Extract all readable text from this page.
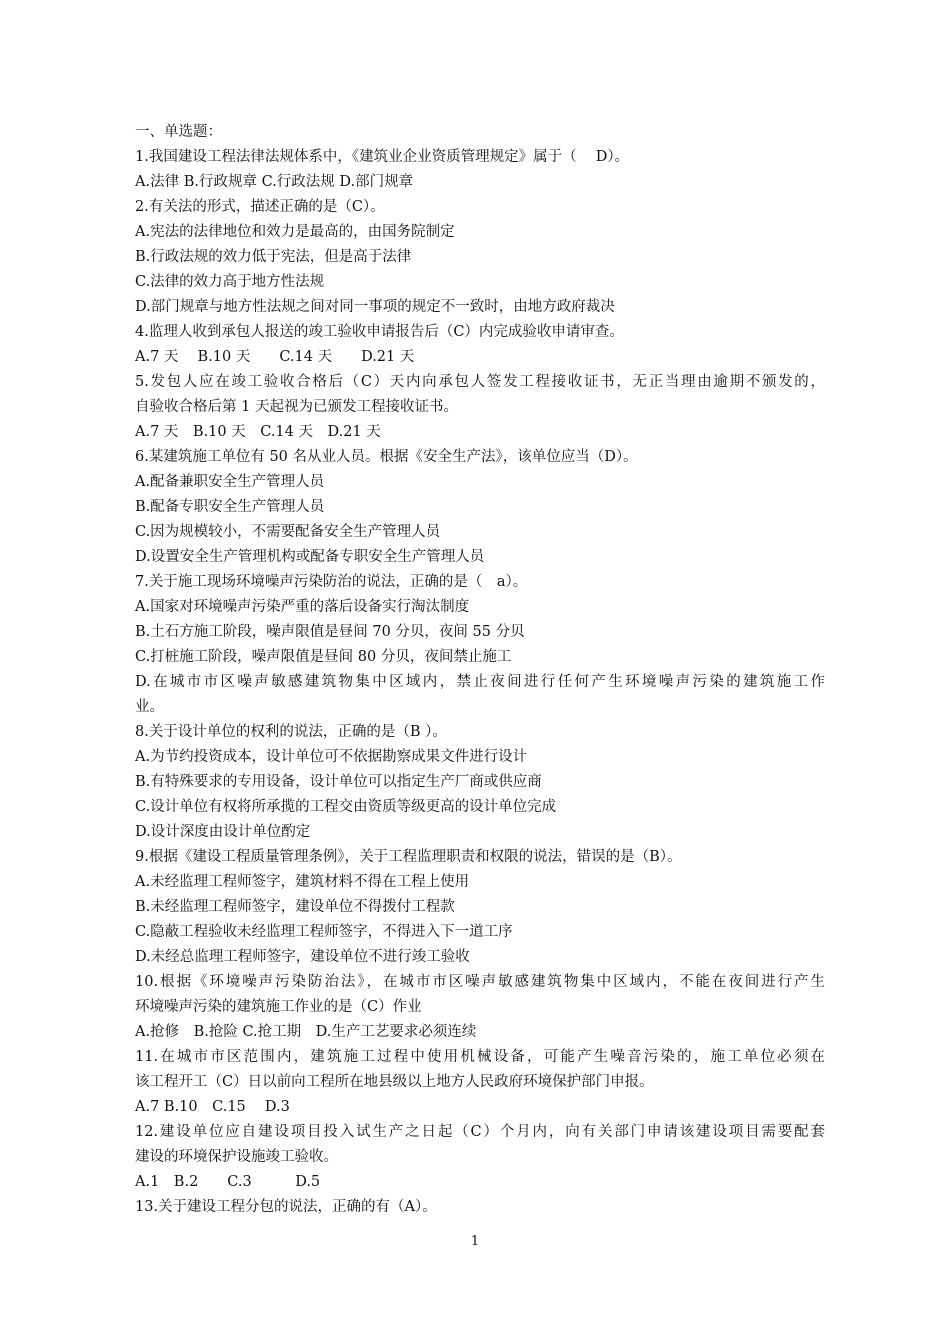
一、单选题：
1.我国建设工程法律法规体系中，《建筑业企业资质管理规定》属于（　 D）。
A.法律 B.行政规章 C.行政法规 D.部门规章
2.有关法的形式，描述正确的是（C）。
A.宪法的法律地位和效力是最高的，由国务院制定
B.行政法规的效力低于宪法，但是高于法律
C.法律的效力高于地方性法规
D.部门规章与地方性法规之间对同一事项的规定不一致时，由地方政府裁决
4.监理人收到承包人报送的竣工验收申请报告后（C）内完成验收申请审查。
A.7 天　 B.10 天　　C.14 天　　D.21 天
5.发包人应在竣工验收合格后（C）天内向承包人签发工程接收证书，无正当理由逾期不颁发的，
自验收合格后第 1 天起视为已颁发工程接收证书。
A.7 天　B.10 天　C.14 天　D.21 天
6.某建筑施工单位有 50 名从业人员。根据《安全生产法》，该单位应当（D）。
A.配备兼职安全生产管理人员
B.配备专职安全生产管理人员
C.因为规模较小，不需要配备安全生产管理人员
D.设置安全生产管理机构或配备专职安全生产管理人员
7.关于施工现场环境噪声污染防治的说法，正确的是（　a）。
A.国家对环境噪声污染严重的落后设备实行淘汰制度
B.土石方施工阶段，噪声限值是昼间 70 分贝，夜间 55 分贝
C.打桩施工阶段，噪声限值是昼间 80 分贝，夜间禁止施工
D.在城市市区噪声敏感建筑物集中区域内，禁止夜间进行任何产生环境噪声污染的建筑施工作
业。
8.关于设计单位的权利的说法，正确的是（B ）。
A.为节约投资成本，设计单位可不依据勘察成果文件进行设计
B.有特殊要求的专用设备，设计单位可以指定生产厂商或供应商
C.设计单位有权将所承揽的工程交由资质等级更高的设计单位完成
D.设计深度由设计单位酌定
9.根据《建设工程质量管理条例》，关于工程监理职责和权限的说法，错误的是（B）。
A.未经监理工程师签字，建筑材料不得在工程上使用
B.未经监理工程师签字，建设单位不得拨付工程款
C.隐蔽工程验收未经监理工程师签字，不得进入下一道工序
D.未经总监理工程师签字，建设单位不进行竣工验收
10.根据《环境噪声污染防治法》，在城市市区噪声敏感建筑物集中区域内，不能在夜间进行产生
环境噪声污染的建筑施工作业的是（C）作业
A.抢修　B.抢险 C.抢工期　D.生产工艺要求必须连续
11.在城市市区范围内，建筑施工过程中使用机械设备，可能产生噪音污染的，施工单位必须在
该工程开工（C）日以前向工程所在地县级以上地方人民政府环境保护部门申报。
A.7 B.10　C.15　 D.3
12.建设单位应自建设项目投入试生产之日起（C）个月内，向有关部门申请该建设项目需要配套
建设的环境保护设施竣工验收。
A.1　B.2　　C.3　　　D.5
13.关于建设工程分包的说法，正确的有（A）。
1
